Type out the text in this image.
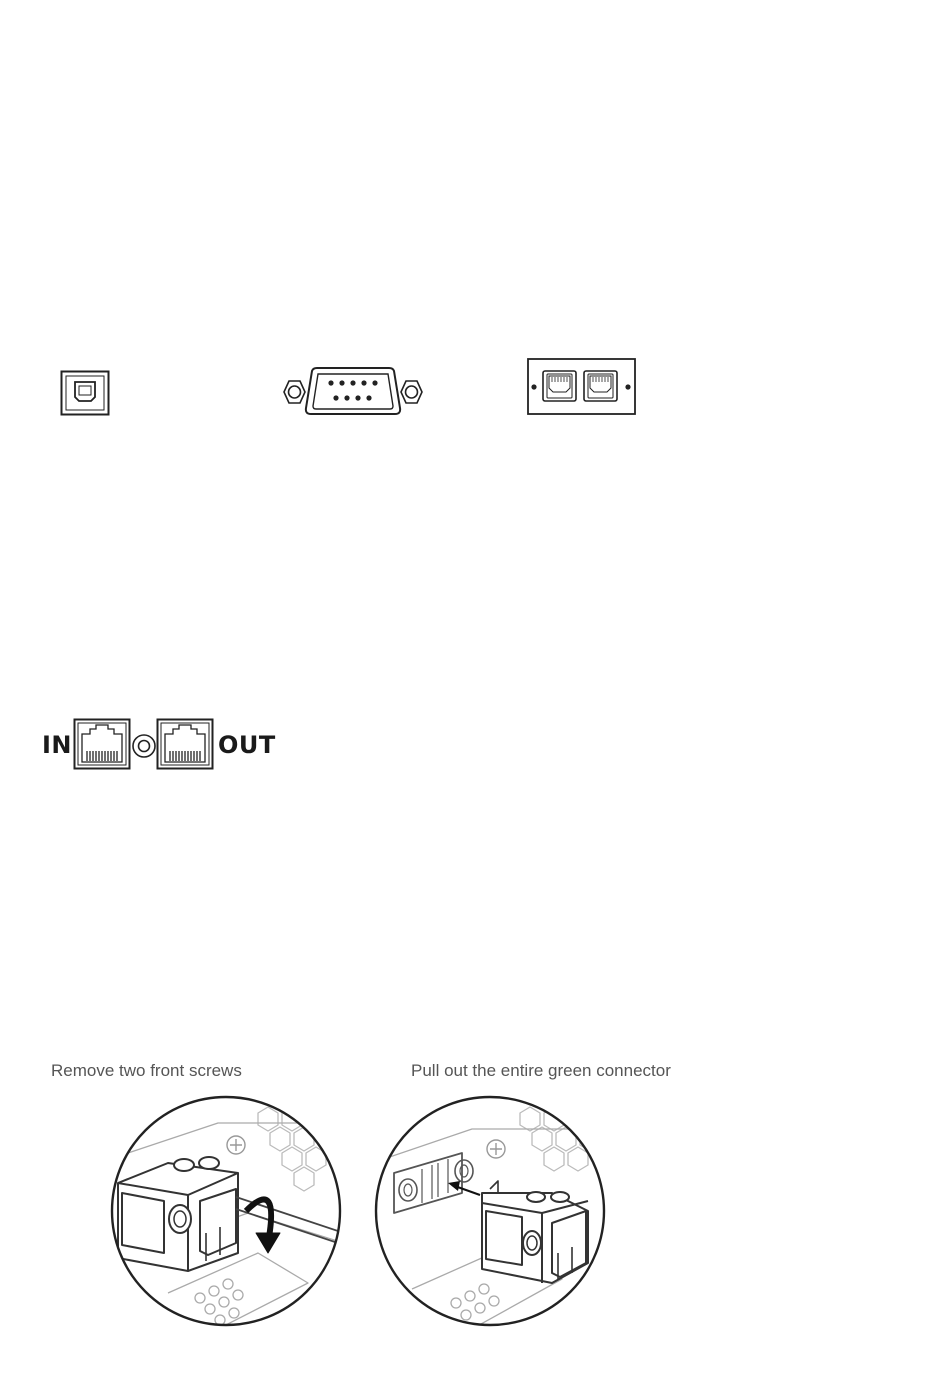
IN	OUT
Remove two front screws	Pull out the entire green connector
